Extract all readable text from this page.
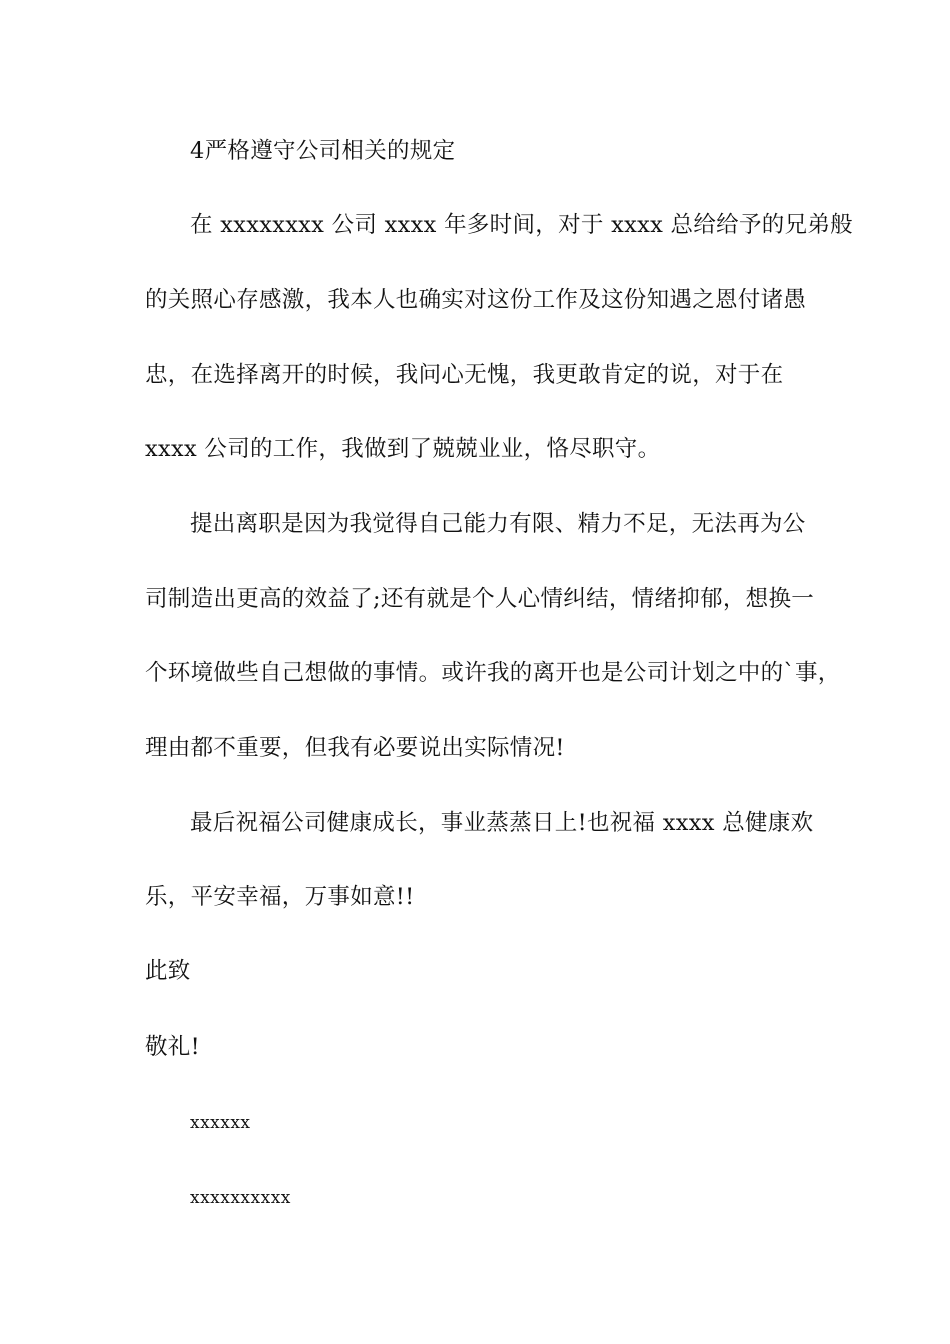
4严格遵守公司相关的规定
在 xxxxxxxx 公司 xxxx 年多时间，对于 xxxx 总给给予的兄弟般
的关照心存感激，我本人也确实对这份工作及这份知遇之恩付诸愚
忠，在选择离开的时候，我问心无愧，我更敢肯定的说，对于在
xxxx 公司的工作，我做到了兢兢业业，恪尽职守。
提出离职是因为我觉得自己能力有限、精力不足，无法再为公
司制造出更高的效益了;还有就是个人心情纠结，情绪抑郁，想换一
个环境做些自己想做的事情。或许我的离开也是公司计划之中的`事，
理由都不重要，但我有必要说出实际情况!
最后祝福公司健康成长，事业蒸蒸日上!也祝福 xxxx 总健康欢
乐，平安幸福，万事如意!!
此致
敬礼!
xxxxxx
xxxxxxxxxx
